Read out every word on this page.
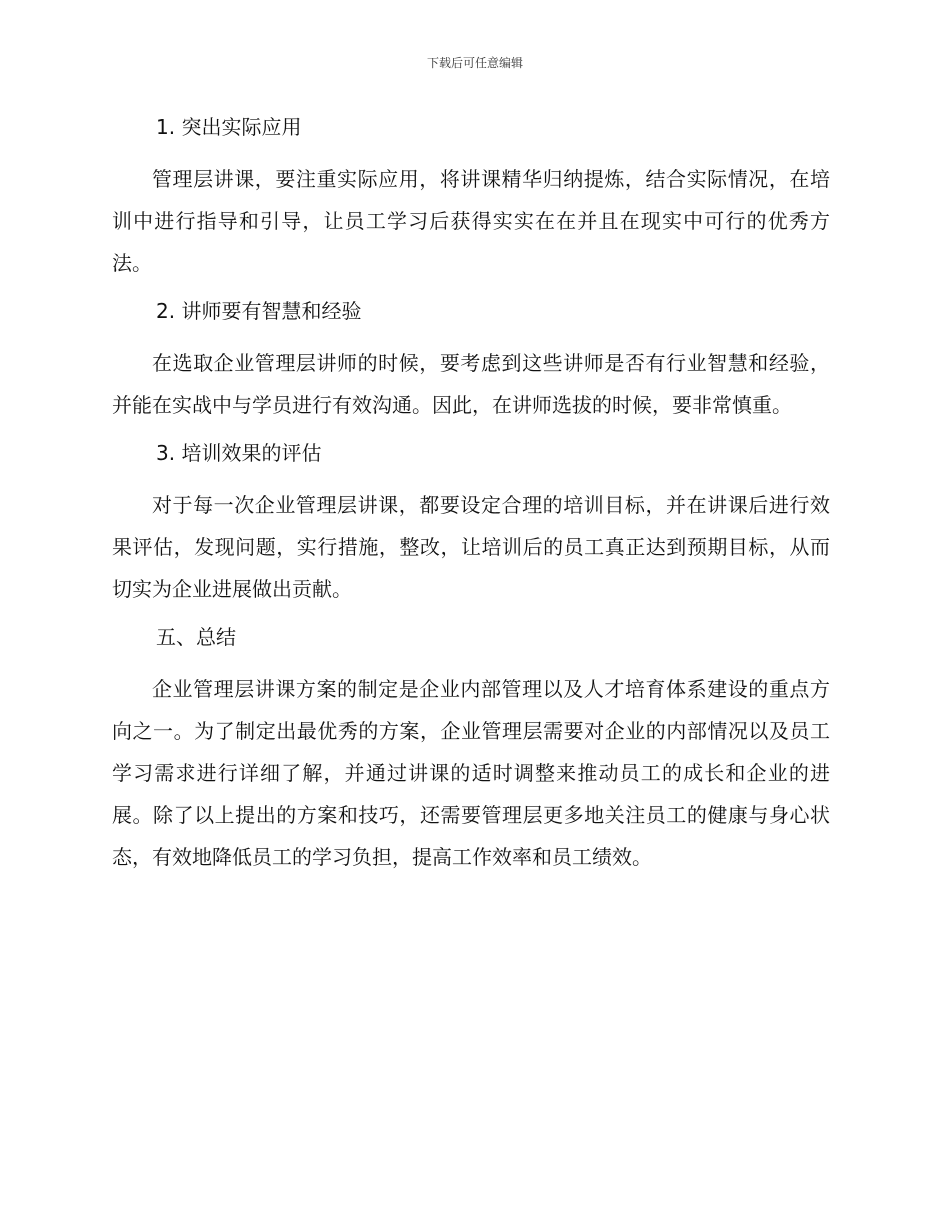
下载后可任意编辑
1. 突出实际应用

管理层讲课，要注重实际应用，将讲课精华归纳提炼，结合实际情况，在培训中进行指导和引导，让员工学习后获得实实在在并且在现实中可行的优秀方法。

2. 讲师要有智慧和经验

在选取企业管理层讲师的时候，要考虑到这些讲师是否有行业智慧和经验，并能在实战中与学员进行有效沟通。因此，在讲师选拔的时候，要非常慎重。

3. 培训效果的评估

对于每一次企业管理层讲课，都要设定合理的培训目标，并在讲课后进行效果评估，发现问题，实行措施，整改，让培训后的员工真正达到预期目标，从而切实为企业进展做出贡献。

五、总结

企业管理层讲课方案的制定是企业内部管理以及人才培育体系建设的重点方向之一。为了制定出最优秀的方案，企业管理层需要对企业的内部情况以及员工学习需求进行详细了解，并通过讲课的适时调整来推动员工的成长和企业的进展。除了以上提出的方案和技巧，还需要管理层更多地关注员工的健康与身心状态，有效地降低员工的学习负担，提高工作效率和员工绩效。
